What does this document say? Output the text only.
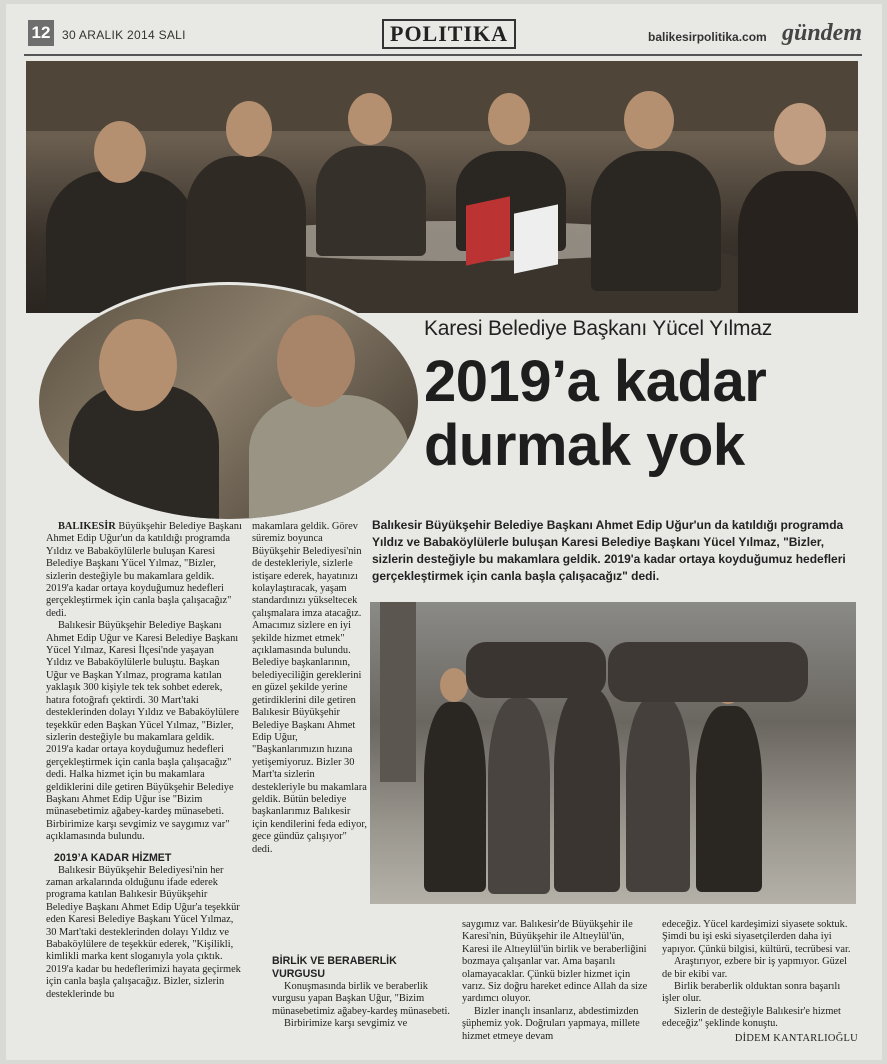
12 30 ARALIK 2014 SALI	POLITIKA	balikesirpolitika.com gündem
Karesi Belediye Başkanı Yücel Yılmaz
2019’a kadar
durmak yok
Balıkesir Büyükşehir Belediye Başkanı Ahmet Edip Uğur'un da katıldığı programda Yıldız ve Babaköylülerle buluşan Karesi Belediye Başkanı Yücel Yılmaz, "Bizler, sizlerin desteğiyle bu makamlara geldik. 2019'a kadar ortaya koyduğumuz hedefleri gerçekleştirmek için canla başla çalışacağız" dedi.

BALIKESİR Büyükşehir Belediye Başkanı Ahmet Edip Uğur'un da katıldığı programda Yıldız ve Babaköylülerle buluşan Karesi Belediye Başkanı Yücel Yılmaz, "Bizler, sizlerin desteğiyle bu makamlara geldik. 2019'a kadar ortaya koyduğumuz hedefleri gerçekleştirmek için canla başla çalışacağız" dedi.

Balıkesir Büyükşehir Belediye Başkanı Ahmet Edip Uğur ve Karesi Belediye Başkanı Yücel Yılmaz, Karesi İlçesi'nde yaşayan Yıldız ve Babaköylülerle buluştu. Başkan Uğur ve Başkan Yılmaz, programa katılan yaklaşık 300 kişiyle tek tek sohbet ederek, hatıra fotoğrafı çektirdi. 30 Mart'taki desteklerinden dolayı Yıldız ve Babaköylülere teşekkür eden Başkan Yücel Yılmaz, "Bizler, sizlerin desteğiyle bu makamlara geldik. 2019'a kadar ortaya koyduğumuz hedefleri gerçekleştirmek için canla başla çalışacağız" dedi. Halka hizmet için bu makamlara geldiklerini dile getiren Büyükşehir Belediye Başkanı Ahmet Edip Uğur ise "Bizim münasebetimiz ağabey-kardeş münasebeti. Birbirimize karşı sevgimiz ve saygımız var" açıklamasında bulundu.

2019’A KADAR HİZMET

Balıkesir Büyükşehir Belediyesi'nin her zaman arkalarında olduğunu ifade ederek programa katılan Balıkesir Büyükşehir Belediye Başkanı Ahmet Edip Uğur'a teşekkür eden Karesi Belediye Başkanı Yücel Yılmaz, 30 Mart'taki desteklerinden dolayı Yıldız ve Babaköylülere de teşekkür ederek, "Kişilikli, kimlikli marka kent sloganıyla yola çıktık. 2019'a kadar bu hedeflerimizi hayata geçirmek için canla başla çalışacağız. Bizler, sizlerin desteklerinde bu

makamlara geldik. Görev süremiz boyunca Büyükşehir Belediyesi'nin de destekleriyle, sizlerle istişare ederek, hayatınızı kolaylaştıracak, yaşam standardınızı yükseltecek çalışmalara imza atacağız. Amacımız sizlere en iyi şekilde hizmet etmek" açıklamasında bulundu. Belediye başkanlarının, belediyeciliğin gereklerini en güzel şekilde yerine getirdiklerini dile getiren Balıkesir Büyükşehir Belediye Başkanı Ahmet Edip Uğur, "Başkanlarımızın hızına yetişemiyoruz. Bizler 30 Mart'ta sizlerin destekleriyle bu makamlara geldik. Bütün belediye başkanlarımız Balıkesir için kendilerini feda ediyor, gece gündüz çalışıyor" dedi.

BİRLİK VE BERABERLİK VURGUSU

Konuşmasında birlik ve beraberlik vurgusu yapan Başkan Uğur, "Bizim münasebetimiz ağabey-kardeş münasebeti.

Birbirimize karşı sevgimiz ve

saygımız var. Balıkesir'de Büyükşehir ile Karesi'nin, Büyükşehir ile Altıeylül'ün, Karesi ile Altıeylül'ün birlik ve beraberliğini bozmaya çalışanlar var. Ama başarılı olamayacaklar. Çünkü bizler hizmet için varız. Siz doğru hareket edince Allah da size yardımcı oluyor.

Bizler inançlı insanlarız, abdestimizden şüphemiz yok. Doğruları yapmaya, millete hizmet etmeye devam

edeceğiz. Yücel kardeşimizi siyasete soktuk. Şimdi bu işi eski siyasetçilerden daha iyi yapıyor. Çünkü bilgisi, kültürü, tecrübesi var.

Araştırıyor, ezbere bir iş yapmıyor. Güzel de bir ekibi var.

Birlik beraberlik olduktan sonra başarılı işler olur.

Sizlerin de desteğiyle Balıkesir'e hizmet edeceğiz" şeklinde konuştu.

DİDEM KANTARLIOĞLU
